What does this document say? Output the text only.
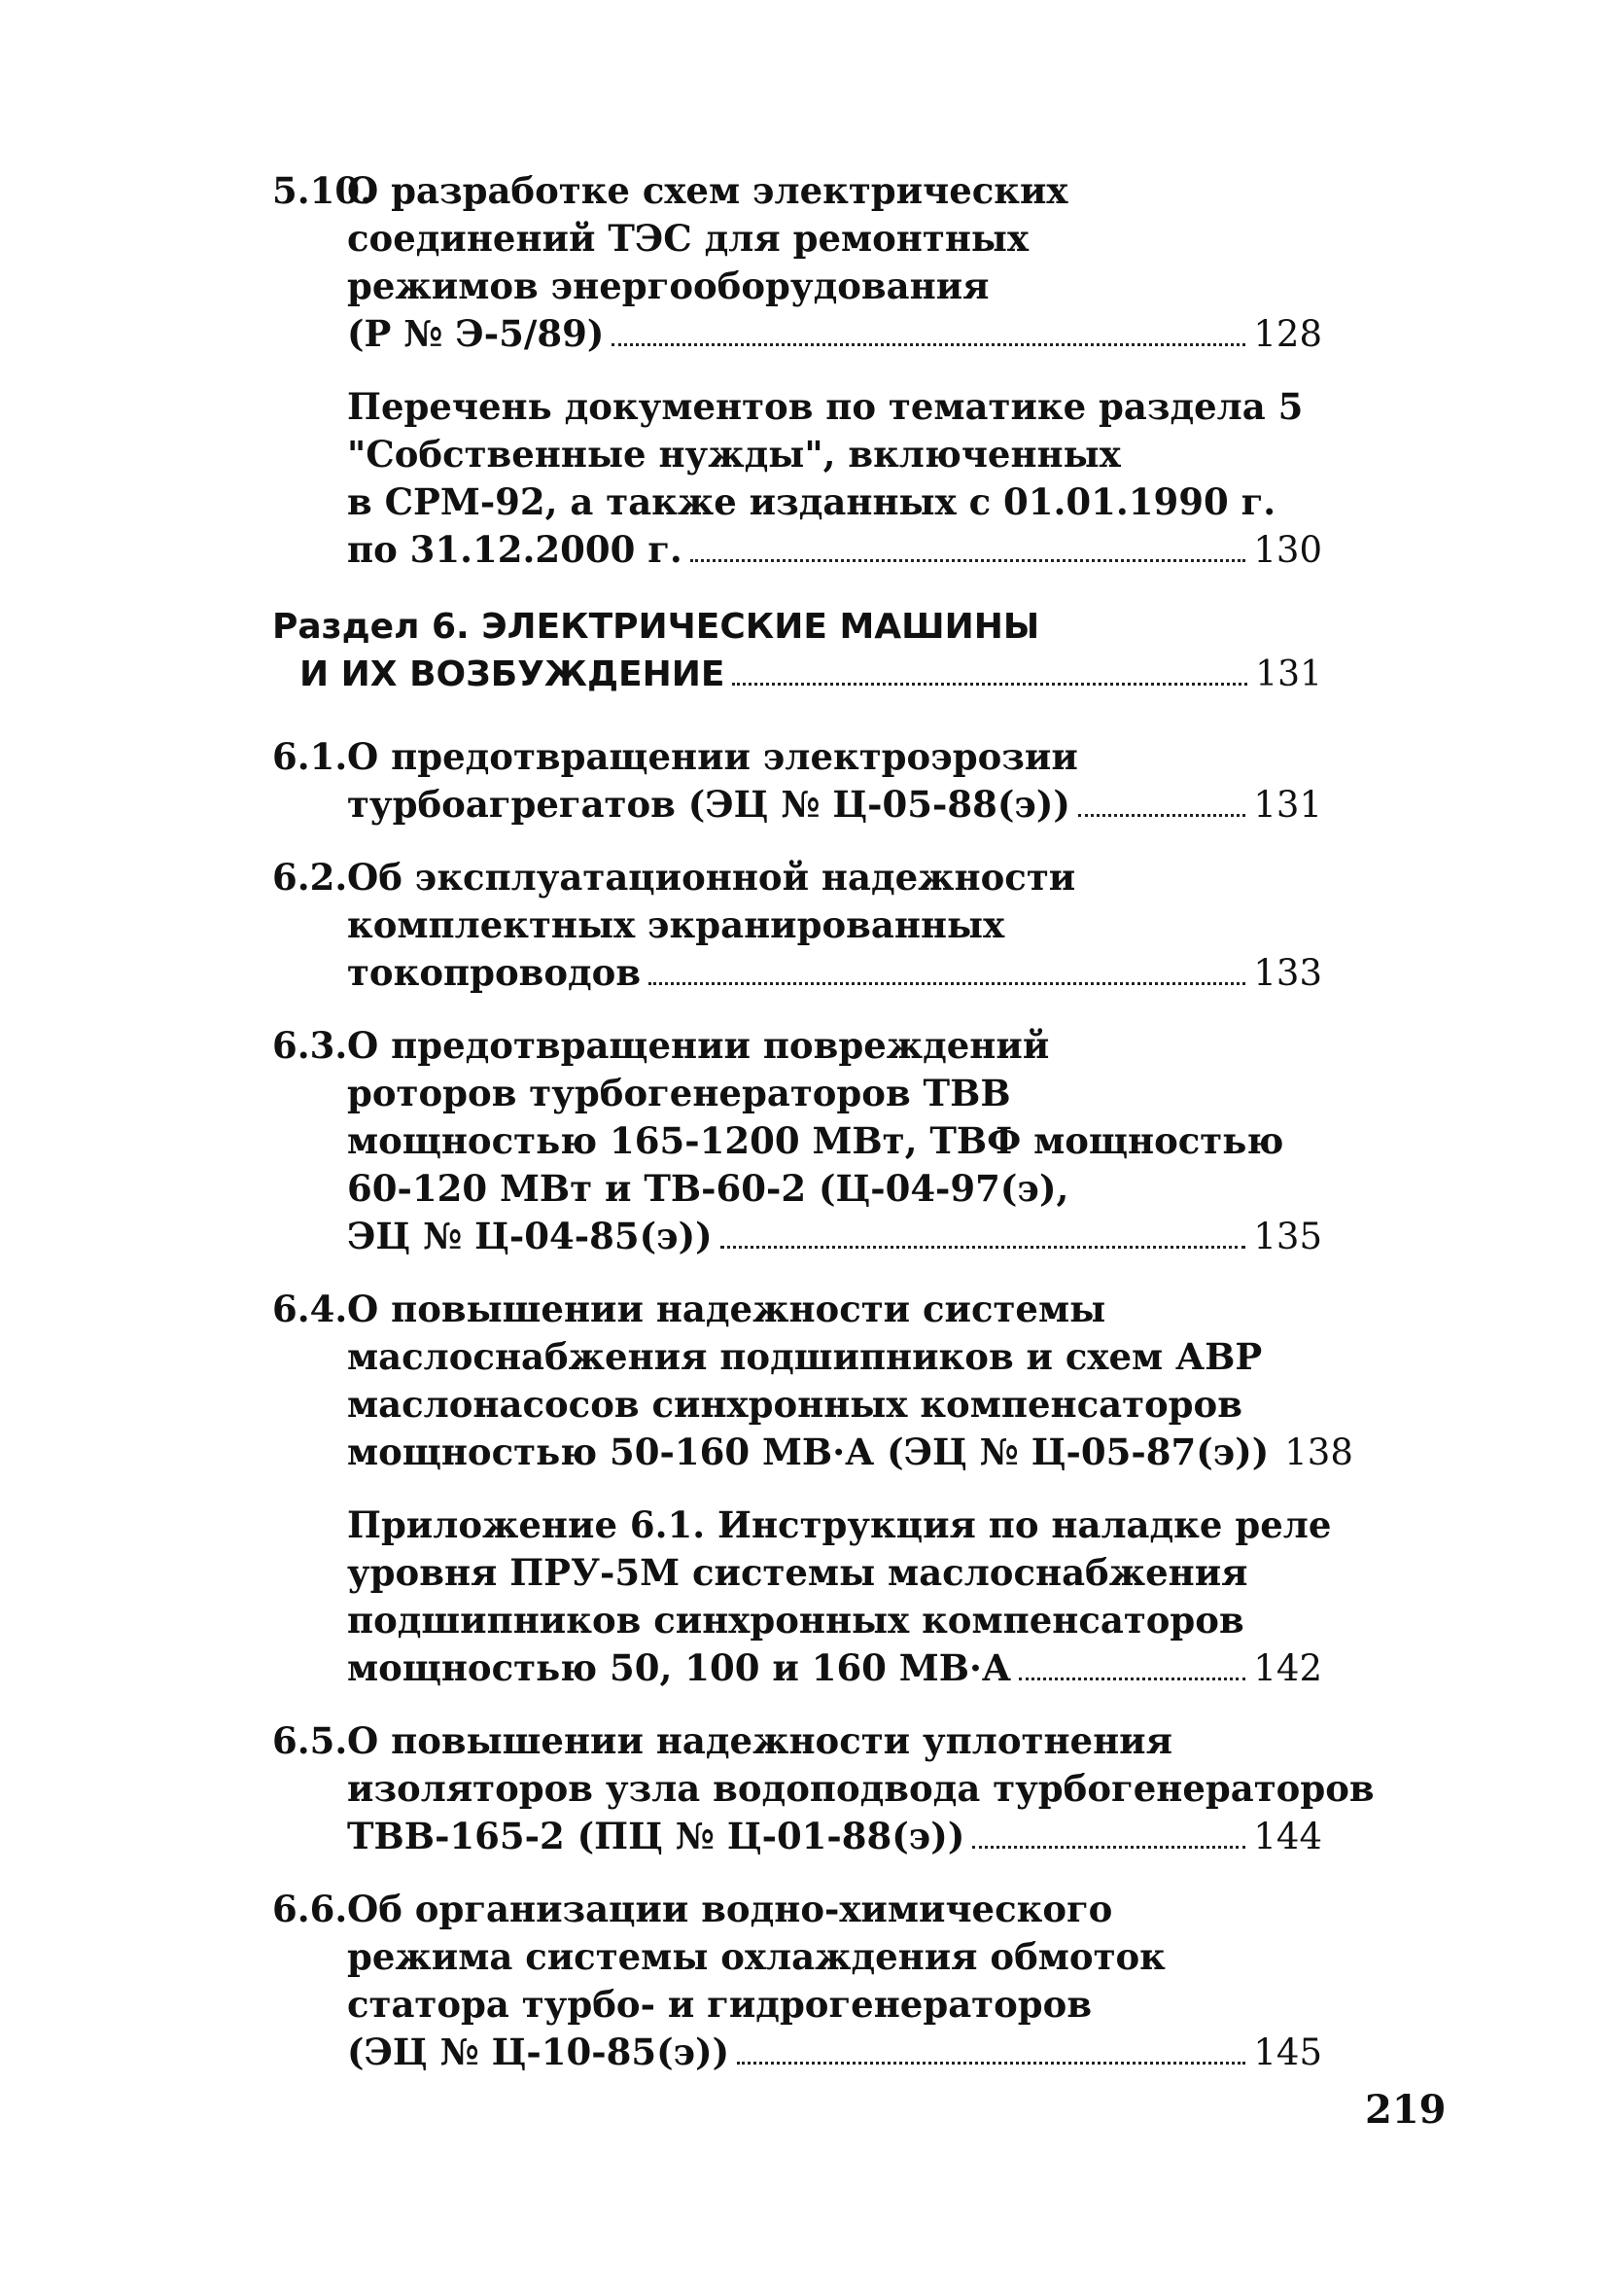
5.10.О разработке схем электрических
соединений ТЭС для ремонтных
режимов энергооборудования
(Р № Э-5/89)	128
Перечень документов по тематике раздела 5
"Собственные нужды", включенных
в СРМ-92, а также изданных с 01.01.1990 г.
по 31.12.2000 г.	130
Раздел 6. ЭЛЕКТРИЧЕСКИЕ МАШИНЫ
И ИХ ВОЗБУЖДЕНИЕ	131
6.1.О предотвращении электроэрозии
турбоагрегатов (ЭЦ № Ц-05-88(э))	131
6.2.Об эксплуатационной надежности
комплектных экранированных
токопроводов	133
6.3.О предотвращении повреждений
роторов турбогенераторов ТВВ
мощностью 165-1200 МВт, ТВФ мощностью
60-120 МВт и ТВ-60-2 (Ц-04-97(э),
ЭЦ № Ц-04-85(э))	135
6.4.О повышении надежности системы
маслоснабжения подшипников и схем АВР
маслонасосов синхронных компенсаторов
мощностью 50-160 МВ·А (ЭЦ № Ц-05-87(э)) 138
Приложение 6.1. Инструкция по наладке реле
уровня ПРУ-5М системы маслоснабжения
подшипников синхронных компенсаторов
мощностью 50, 100 и 160 МВ·А	142
6.5.О повышении надежности уплотнения
изоляторов узла водоподвода турбогенераторов
ТВВ-165-2 (ПЦ № Ц-01-88(э))	144
6.6.Об организации водно-химического
режима системы охлаждения обмоток
статора турбо- и гидрогенераторов
(ЭЦ № Ц-10-85(э))	145
219
